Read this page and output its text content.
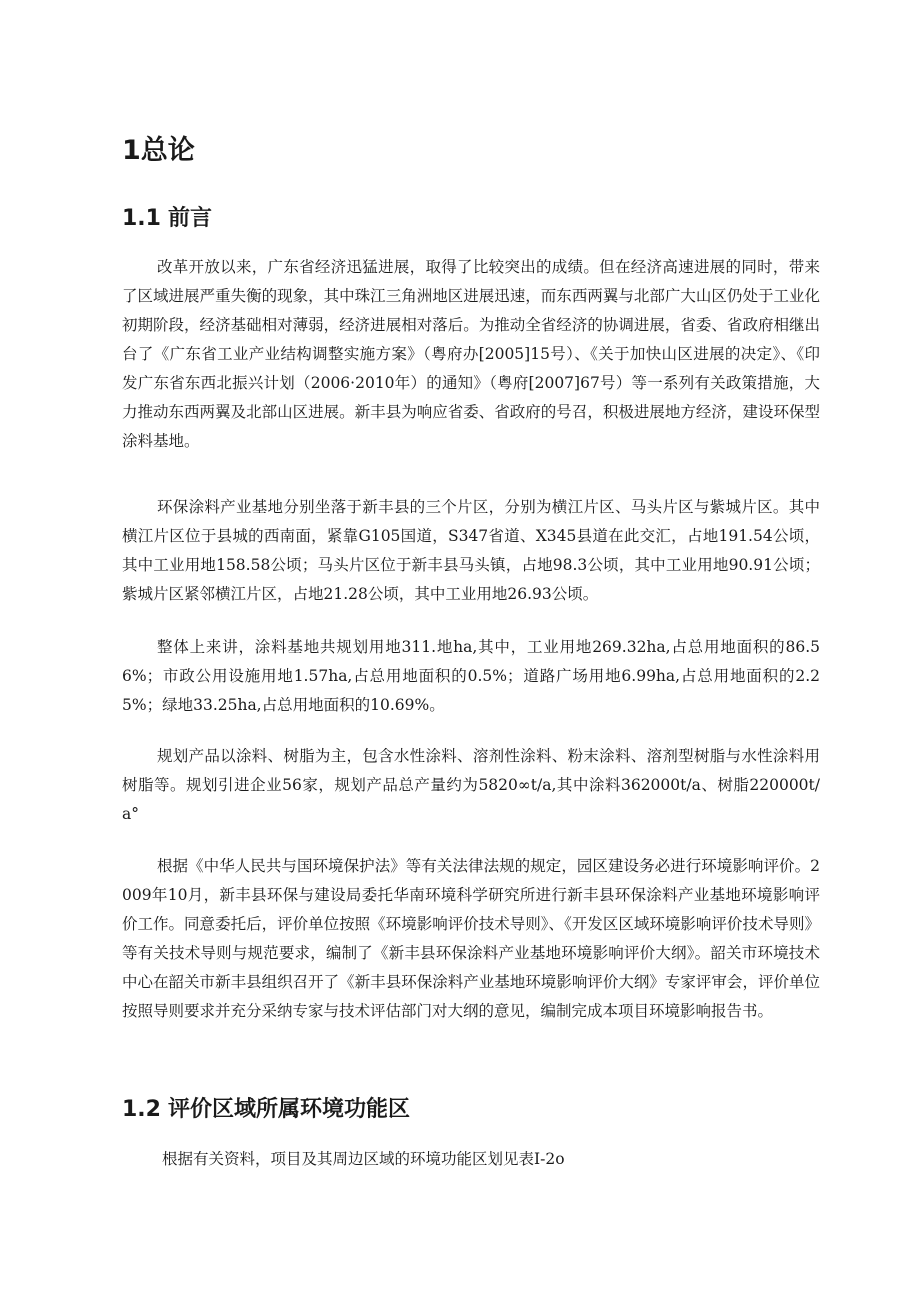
1总论
1.1 前言

改革开放以来，广东省经济迅猛进展，取得了比较突出的成绩。但在经济高速进展的同时，带来了区域进展严重失衡的现象，其中珠江三角洲地区进展迅速，而东西两翼与北部广大山区仍处于工业化初期阶段，经济基础相对薄弱，经济进展相对落后。为推动全省经济的协调进展，省委、省政府相继出台了《广东省工业产业结构调整实施方案》（粤府办[2005]15号）、《关于加快山区进展的决定》、《印发广东省东西北振兴计划（2006·2010年）的通知》（粤府[2007]67号）等一系列有关政策措施，大力推动东西两翼及北部山区进展。新丰县为响应省委、省政府的号召，积极进展地方经济，建设环保型涂料基地。

环保涂料产业基地分别坐落于新丰县的三个片区，分别为横江片区、马头片区与紫城片区。其中横江片区位于县城的西南面，紧靠G105国道，S347省道、X345县道在此交汇，占地191.54公顷，其中工业用地158.58公顷；马头片区位于新丰县马头镇，占地98.3公顷，其中工业用地90.91公顷；紫城片区紧邻横江片区，占地21.28公顷，其中工业用地26.93公顷。

整体上来讲，涂料基地共规划用地311.地ha,其中，工业用地269.32ha,占总用地面积的86.56%；市政公用设施用地1.57ha,占总用地面积的0.5%；道路广场用地6.99ha,占总用地面积的2.25%；绿地33.25ha,占总用地面积的10.69%。

规划产品以涂料、树脂为主，包含水性涂料、溶剂性涂料、粉末涂料、溶剂型树脂与水性涂料用树脂等。规划引进企业56家，规划产品总产量约为5820∞t/a,其中涂料362000t/a、树脂220000t/a°

根据《中华人民共与国环境保护法》等有关法律法规的规定，园区建设务必进行环境影响评价。2009年10月，新丰县环保与建设局委托华南环境科学研究所进行新丰县环保涂料产业基地环境影响评价工作。同意委托后，评价单位按照《环境影响评价技术导则》、《开发区区域环境影响评价技术导则》等有关技术导则与规范要求，编制了《新丰县环保涂料产业基地环境影响评价大纲》。韶关市环境技术中心在韶关市新丰县组织召开了《新丰县环保涂料产业基地环境影响评价大纲》专家评审会，评价单位按照导则要求并充分采纳专家与技术评估部门对大纲的意见，编制完成本项目环境影响报告书。

1.2 评价区域所属环境功能区

根据有关资料，项目及其周边区域的环境功能区划见表I-2o
